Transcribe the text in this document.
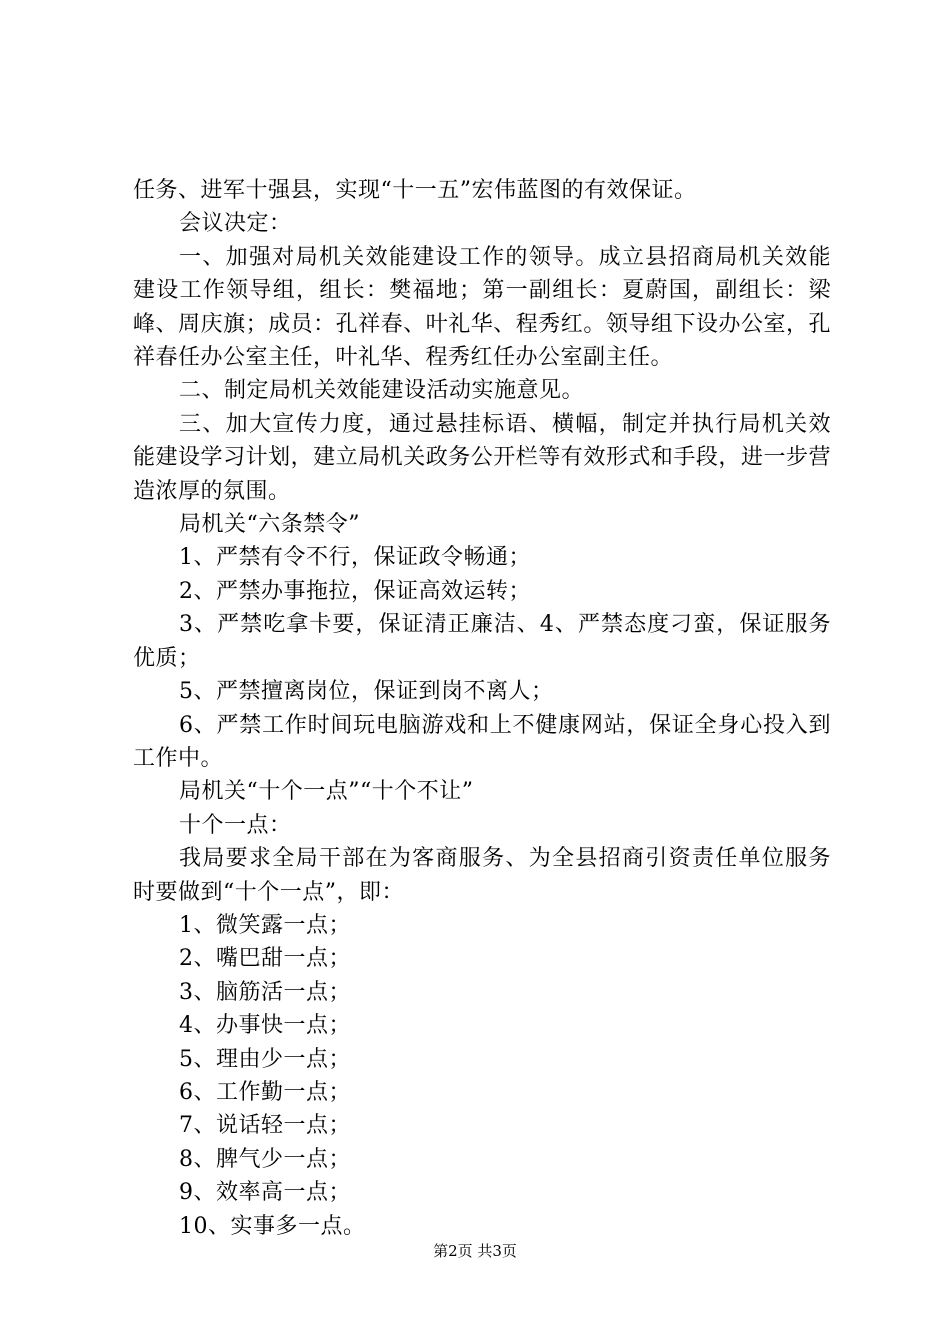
任务、进军十强县，实现“十一五”宏伟蓝图的有效保证。

会议决定：

一、加强对局机关效能建设工作的领导。成立县招商局机关效能建设工作领导组，组长：樊福地；第一副组长：夏蔚国，副组长：梁峰、周庆旗；成员：孔祥春、叶礼华、程秀红。领导组下设办公室，孔祥春任办公室主任，叶礼华、程秀红任办公室副主任。

二、制定局机关效能建设活动实施意见。

三、加大宣传力度，通过悬挂标语、横幅，制定并执行局机关效能建设学习计划，建立局机关政务公开栏等有效形式和手段，进一步营造浓厚的氛围。

局机关“六条禁令”

1、严禁有令不行，保证政令畅通；

2、严禁办事拖拉，保证高效运转；

3、严禁吃拿卡要，保证清正廉洁、4、严禁态度刁蛮，保证服务优质；

5、严禁擅离岗位，保证到岗不离人；

6、严禁工作时间玩电脑游戏和上不健康网站，保证全身心投入到工作中。

局机关“十个一点”“十个不让”

十个一点：

我局要求全局干部在为客商服务、为全县招商引资责任单位服务时要做到“十个一点”，即：

1、微笑露一点；

2、嘴巴甜一点；

3、脑筋活一点；

4、办事快一点；

5、理由少一点；

6、工作勤一点；

7、说话轻一点；

8、脾气少一点；

9、效率高一点；

10、实事多一点。

第2页 共3页
